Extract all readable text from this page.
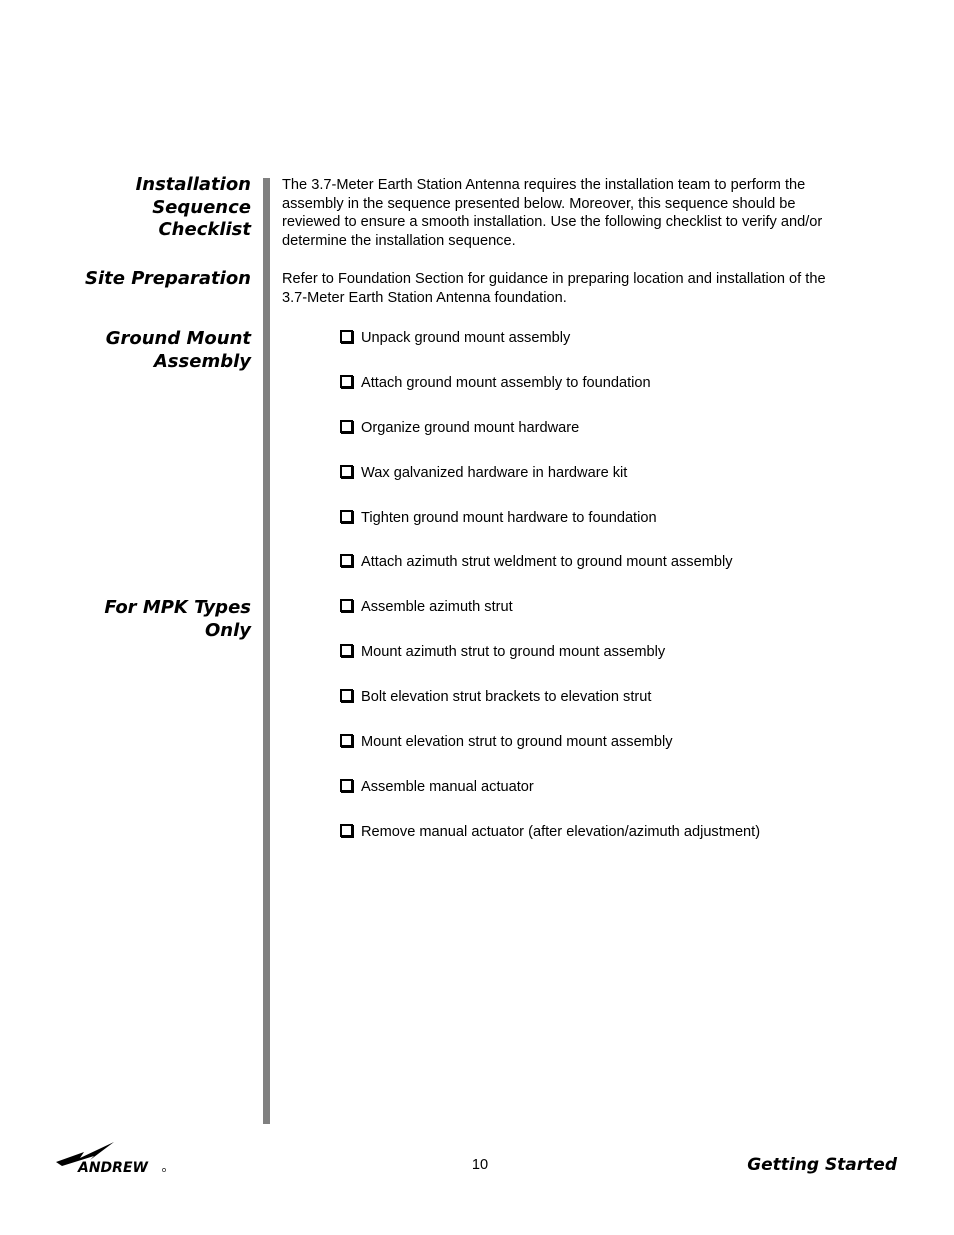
Installation
Sequence
Checklist
Site Preparation
Ground Mount
Assembly
For MPK Types
Only

The 3.7-Meter Earth Station Antenna requires the installation team to perform the
assembly in the sequence presented below. Moreover, this sequence should be
reviewed to ensure a smooth installation. Use the following checklist to verify and/or
determine the installation sequence.

Refer to Foundation Section for guidance in preparing location and installation of the
3.7-Meter Earth Station Antenna foundation.

Unpack ground mount assembly
Attach ground mount assembly to foundation
Organize ground mount hardware
Wax galvanized hardware in hardware kit
Tighten ground mount hardware to foundation
Attach azimuth strut weldment to ground mount assembly
Assemble azimuth strut
Mount azimuth strut to ground mount assembly
Bolt elevation strut brackets to elevation strut
Mount elevation strut to ground mount assembly
Assemble manual actuator
Remove manual actuator (after elevation/azimuth adjustment)
ANDREW	10	Getting Started
